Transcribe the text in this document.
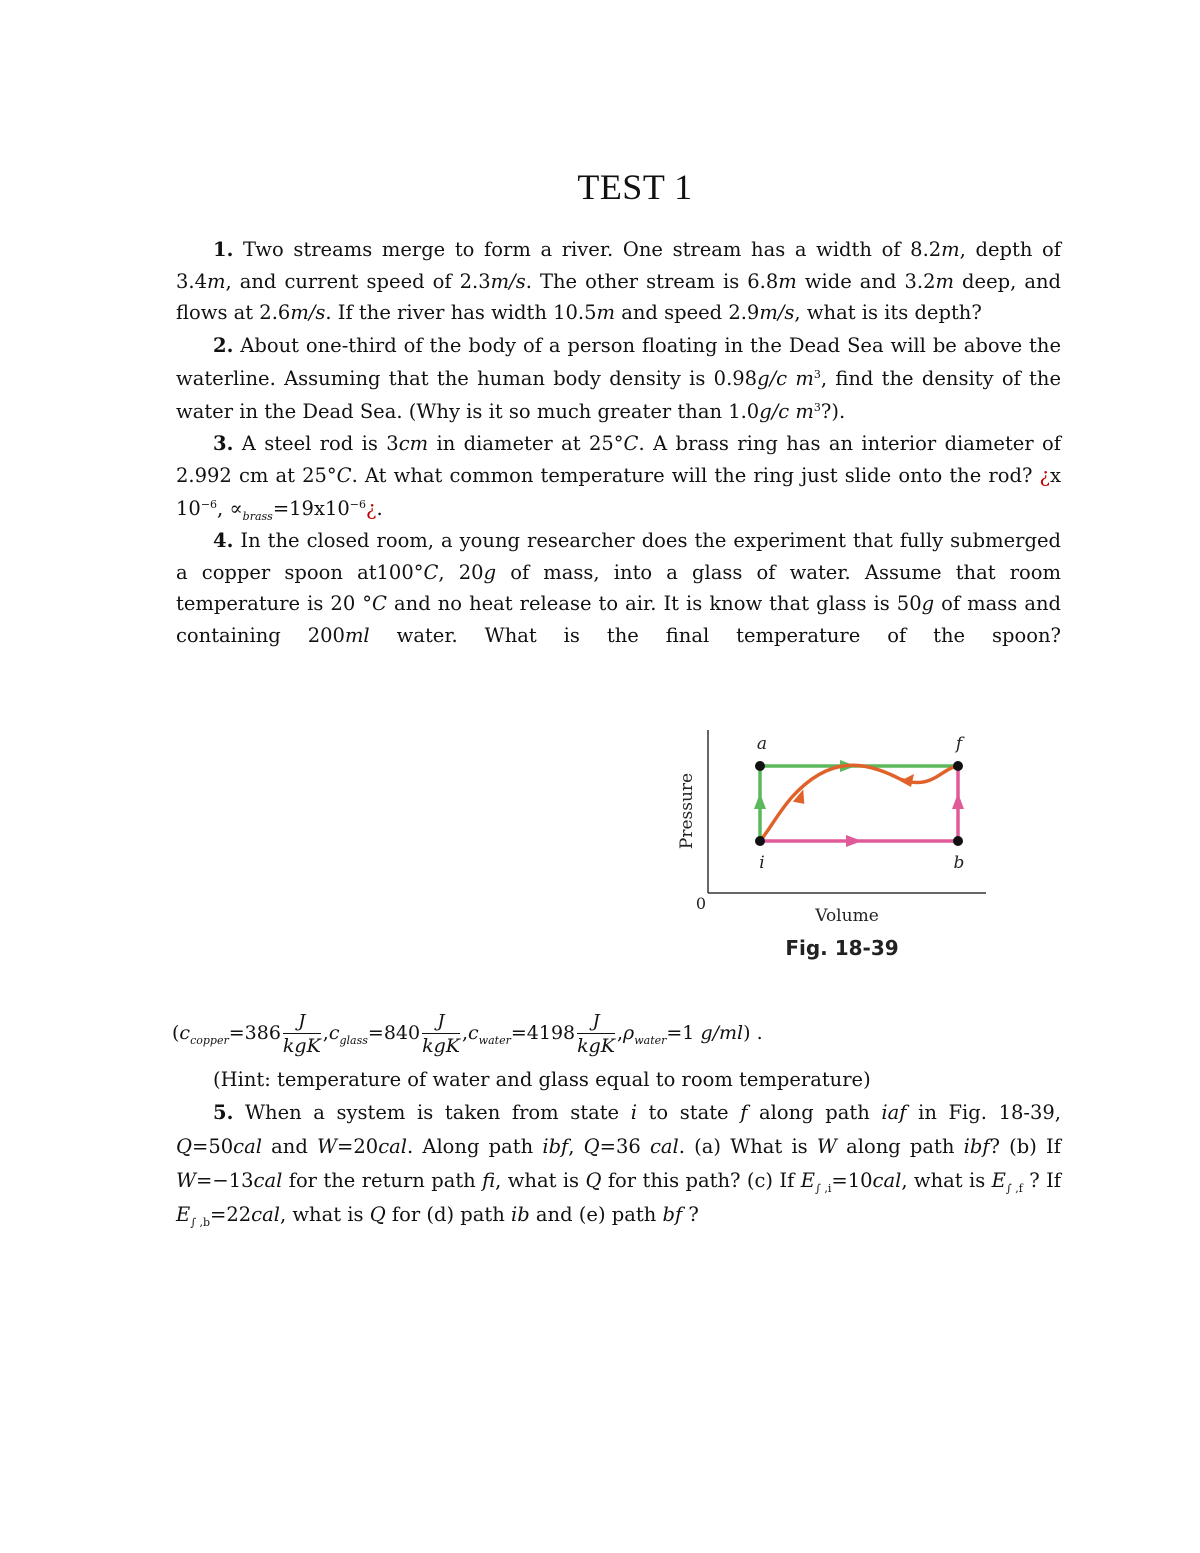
TEST 1

1. Two streams merge to form a river. One stream has a width of 8.2m, depth of 3.4m, and current speed of 2.3m/s. The other stream is 6.8m wide and 3.2m deep, and flows at 2.6m/s. If the river has width 10.5m and speed 2.9m/s, what is its depth?

2. About one-third of the body of a person floating in the Dead Sea will be above the waterline. Assuming that the human body density is 0.98g/c $m^3$, find the density of the water in the Dead Sea. (Why is it so much greater than 1.0g/c $m^3$?).

3. A steel rod is 3cm in diameter at 25°C. A brass ring has an interior diameter of 2.992 cm at 25°C. At what common temperature will the ring just slide onto the rod? ¿x $10^{-6}$, $\propto_{brass}=19x10^{-6}¿$.

4. In the closed room, a young researcher does the experiment that fully submerged a copper spoon at100°C, 20g of mass, into a glass of water. Assume that room temperature is 20 °C and no heat release to air. It is know that glass is 50g of mass and containing 200ml water. What is the final temperature of the spoon?

a	f
i	b
0
Volume
Pressure
Fig. 18-39
($c_{copper}=386 \frac{J}{\text{kgK}} ,c_{glass}=840 \frac{J}{\text{kgK}} ,c_{water}=4198 \frac{J}{\text{kgK}} ,\rho_{water}=1$ g/ml) .

(Hint: temperature of water and glass equal to room temperature)

5. When a system is taken from state i to state f along path iaf in Fig. 18-39, Q=50cal and W=20cal. Along path ibf, Q=36 cal. (a) What is W along path ibf? (b) If W=−13cal for the return path fi, what is Q for this path? (c) If $E_{\int ,i}=10cal$, what is $E_{\int ,f}$ ? If $E_{\int ,b}=22cal$, what is Q for (d) path ib and (e) path bf ?
